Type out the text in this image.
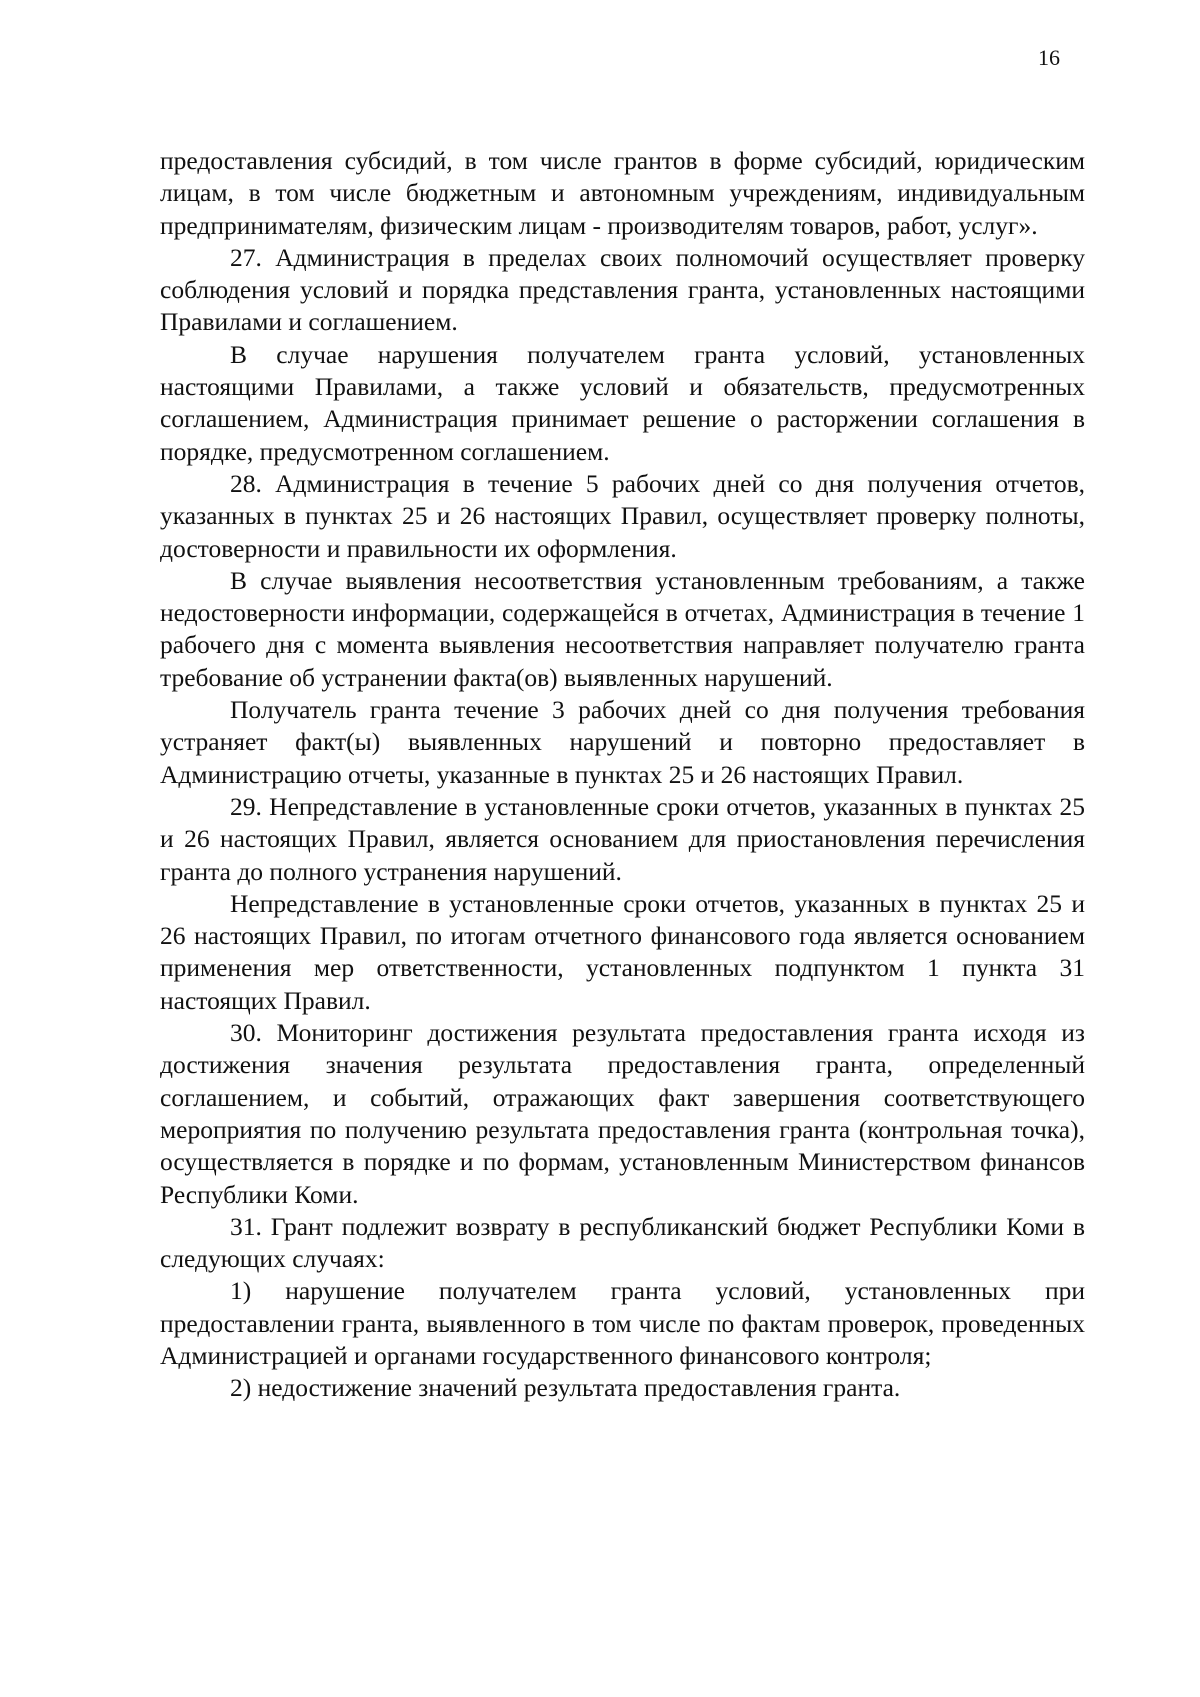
16

предоставления субсидий, в том числе грантов в форме субсидий, юридическим лицам, в том числе бюджетным и автономным учреждениям, индивидуальным предпринимателям, физическим лицам - производителям товаров, работ, услуг».

27. Администрация в пределах своих полномочий осуществляет проверку соблюдения условий и порядка представления гранта, установленных настоящими Правилами и соглашением.

В случае нарушения получателем гранта условий, установленных настоящими Правилами, а также условий и обязательств, предусмотренных соглашением, Администрация принимает решение о расторжении соглашения в порядке, предусмотренном соглашением.

28. Администрация в течение 5 рабочих дней со дня получения отчетов, указанных в пунктах 25 и 26 настоящих Правил, осуществляет проверку полноты, достоверности и правильности их оформления.

В случае выявления несоответствия установленным требованиям, а также недостоверности информации, содержащейся в отчетах, Администрация в течение 1 рабочего дня с момента выявления несоответствия направляет получателю гранта требование об устранении факта(ов) выявленных нарушений.

Получатель гранта течение 3 рабочих дней со дня получения требования устраняет факт(ы) выявленных нарушений и повторно предоставляет в Администрацию отчеты, указанные в пунктах 25 и 26 настоящих Правил.

29. Непредставление в установленные сроки отчетов, указанных в пунктах 25 и 26 настоящих Правил, является основанием для приостановления перечисления гранта до полного устранения нарушений.

Непредставление в установленные сроки отчетов, указанных в пунктах 25 и 26 настоящих Правил, по итогам отчетного финансового года является основанием применения мер ответственности, установленных подпунктом 1 пункта 31 настоящих Правил.

30. Мониторинг достижения результата предоставления гранта исходя из достижения значения результата предоставления гранта, определенный соглашением, и событий, отражающих факт завершения соответствующего мероприятия по получению результата предоставления гранта (контрольная точка), осуществляется в порядке и по формам, установленным Министерством финансов Республики Коми.

31. Грант подлежит возврату в республиканский бюджет Республики Коми в следующих случаях:

1) нарушение получателем гранта условий, установленных при предоставлении гранта, выявленного в том числе по фактам проверок, проведенных Администрацией и органами государственного финансового контроля;

2) недостижение значений результата предоставления гранта.
